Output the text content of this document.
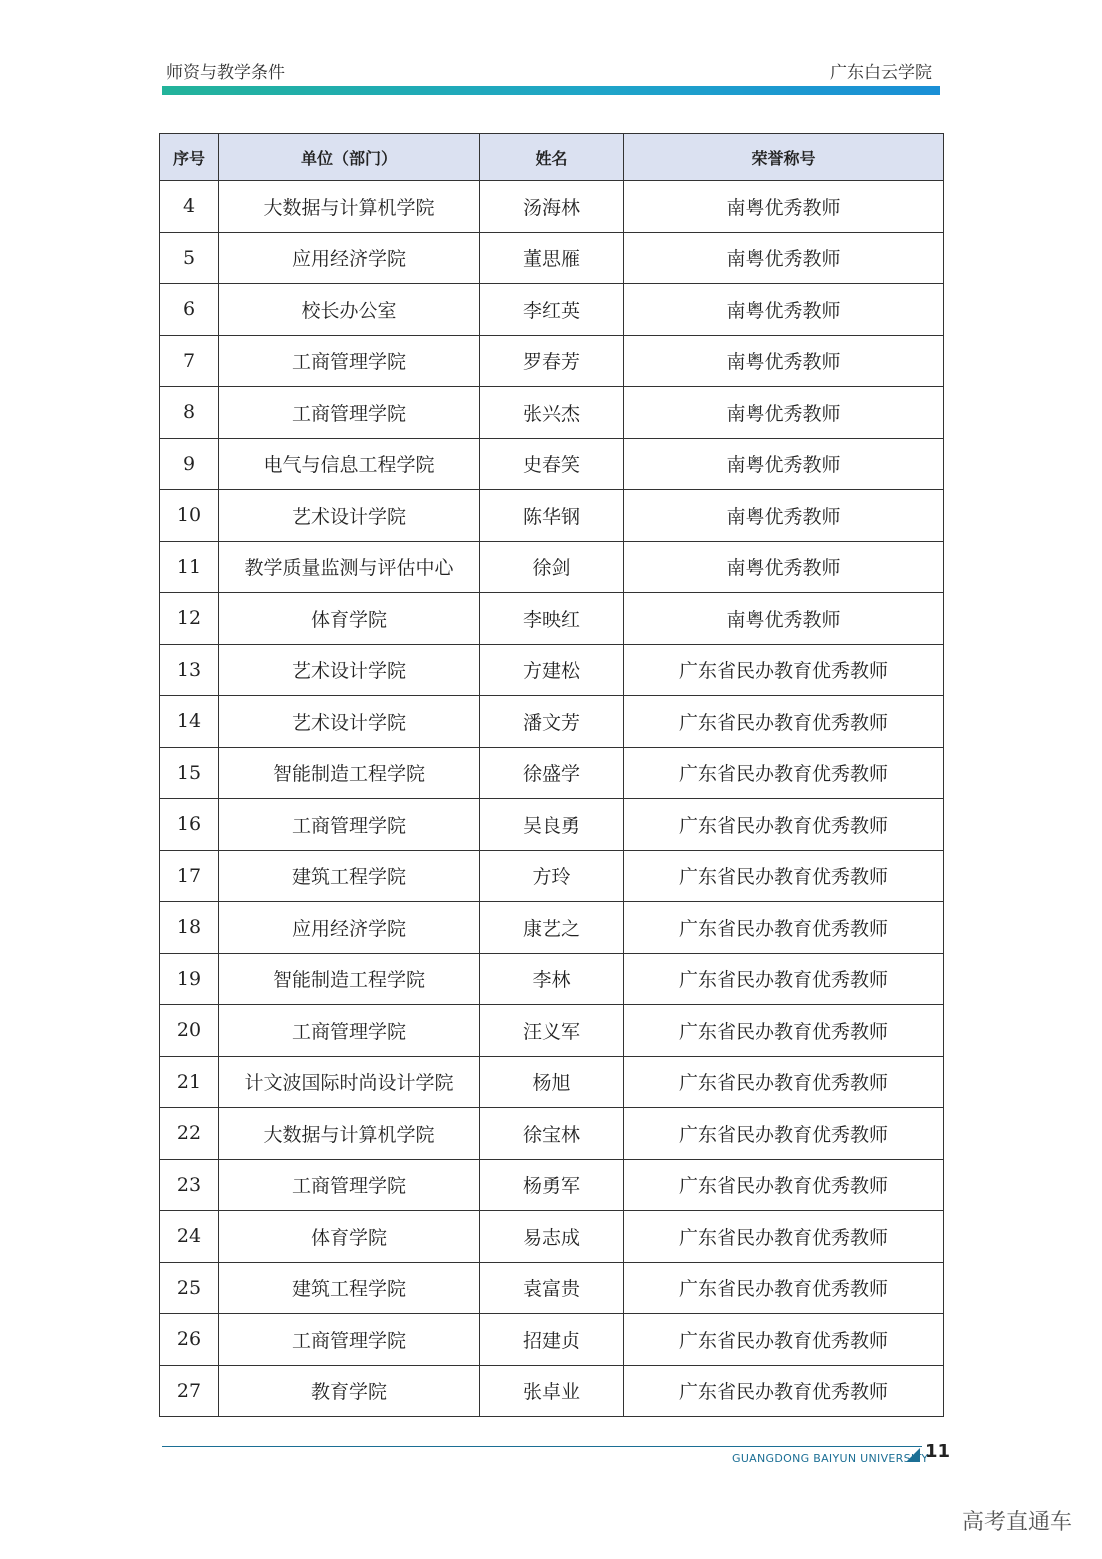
师资与教学条件	广东白云学院
序号	单位（部门）	姓名	荣誉称号
4	大数据与计算机学院	汤海林	南粤优秀教师
5	应用经济学院	董思雁	南粤优秀教师
6	校长办公室	李红英	南粤优秀教师
7	工商管理学院	罗春芳	南粤优秀教师
8	工商管理学院	张兴杰	南粤优秀教师
9	电气与信息工程学院	史春笑	南粤优秀教师
10	艺术设计学院	陈华钢	南粤优秀教师
11	教学质量监测与评估中心	徐剑	南粤优秀教师
12	体育学院	李映红	南粤优秀教师
13	艺术设计学院	方建松	广东省民办教育优秀教师
14	艺术设计学院	潘文芳	广东省民办教育优秀教师
15	智能制造工程学院	徐盛学	广东省民办教育优秀教师
16	工商管理学院	吴良勇	广东省民办教育优秀教师
17	建筑工程学院	方玲	广东省民办教育优秀教师
18	应用经济学院	康艺之	广东省民办教育优秀教师
19	智能制造工程学院	李林	广东省民办教育优秀教师
20	工商管理学院	汪义军	广东省民办教育优秀教师
21	计文波国际时尚设计学院	杨旭	广东省民办教育优秀教师
22	大数据与计算机学院	徐宝林	广东省民办教育优秀教师
23	工商管理学院	杨勇军	广东省民办教育优秀教师
24	体育学院	易志成	广东省民办教育优秀教师
25	建筑工程学院	袁富贵	广东省民办教育优秀教师
26	工商管理学院	招建贞	广东省民办教育优秀教师
27	教育学院	张卓业	广东省民办教育优秀教师
GUANGDONG BAIYUN UNIVERSITY
11
高考直通车
